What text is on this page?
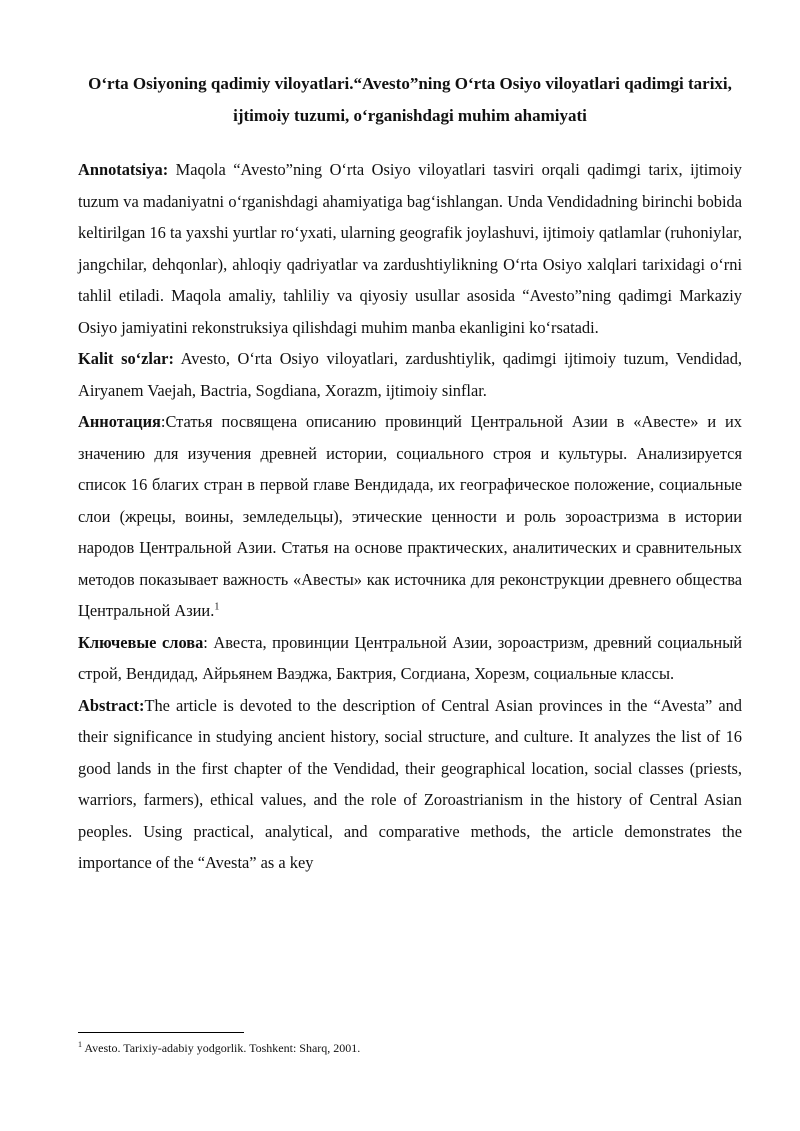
O‘rta Osiyoning qadimiy viloyatlari.“Avesto”ning O‘rta Osiyo viloyatlari qadimgi tarixi, ijtimoiy tuzumi, o‘rganishdagi muhim ahamiyati

Annotatsiya: Maqola “Avesto”ning O‘rta Osiyo viloyatlari tasviri orqali qadimgi tarix, ijtimoiy tuzum va madaniyatni o‘rganishdagi ahamiyatiga bag‘ishlangan. Unda Vendidadning birinchi bobida keltirilgan 16 ta yaxshi yurtlar ro‘yxati, ularning geografik joylashuvi, ijtimoiy qatlamlar (ruhoniylar, jangchilar, dehqonlar), ahloqiy qadriyatlar va zardushtiylikning O‘rta Osiyo xalqlari tarixidagi o‘rni tahlil etiladi. Maqola amaliy, tahliliy va qiyosiy usullar asosida “Avesto”ning qadimgi Markaziy Osiyo jamiyatini rekonstruksiya qilishdagi muhim manba ekanligini ko‘rsatadi.

Kalit so‘zlar: Avesto, O‘rta Osiyo viloyatlari, zardushtiylik, qadimgi ijtimoiy tuzum, Vendidad, Airyanem Vaejah, Bactria, Sogdiana, Xorazm, ijtimoiy sinflar.

Аннотация:Статья посвящена описанию провинций Центральной Азии в «Авесте» и их значению для изучения древней истории, социального строя и культуры. Анализируется список 16 благих стран в первой главе Вендидада, их географическое положение, социальные слои (жрецы, воины, земледельцы), этические ценности и роль зороастризма в истории народов Центральной Азии. Статья на основе практических, аналитических и сравнительных методов показывает важность «Авесты» как источника для реконструкции древнего общества Центральной Азии.$^1$

Ключевые слова: Авеста, провинции Центральной Азии, зороастризм, древний социальный строй, Вендидад, Айрьянем Ваэджа, Бактрия, Согдиана, Хорезм, социальные классы.

Abstract:The article is devoted to the description of Central Asian provinces in the “Avesta” and their significance in studying ancient history, social structure, and culture. It analyzes the list of 16 good lands in the first chapter of the Vendidad, their geographical location, social classes (priests, warriors, farmers), ethical values, and the role of Zoroastrianism in the history of Central Asian peoples. Using practical, analytical, and comparative methods, the article demonstrates the importance of the “Avesta” as a key

$^1$ Avesto. Tarixiy-adabiy yodgorlik. Toshkent: Sharq, 2001.
